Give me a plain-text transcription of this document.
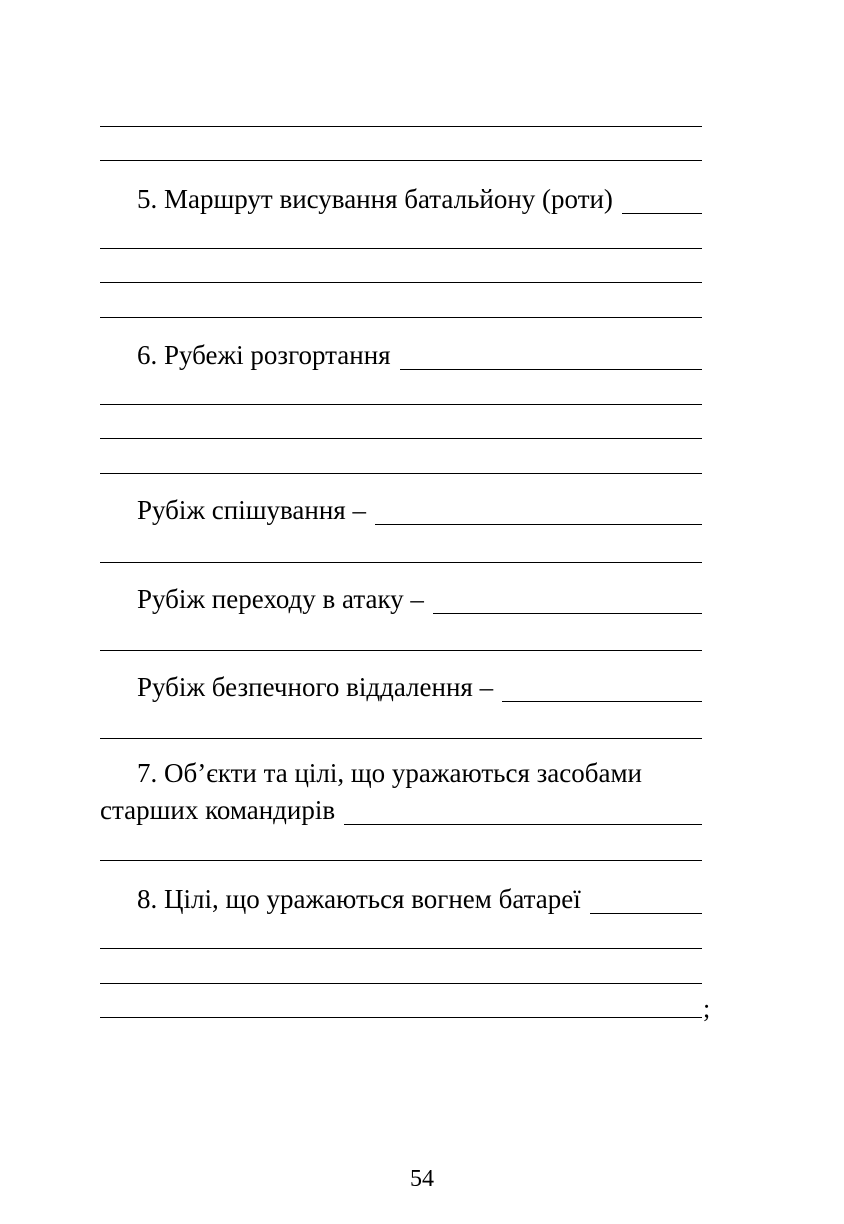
5. Маршрут висування батальйону (роти)
6. Рубежі розгортання
Рубіж спішування –
Рубіж переходу в атаку –
Рубіж безпечного віддалення –
7. Об’єкти та цілі, що уражаються засобами
старших командирів
8. Цілі, що уражаються вогнем батареї
;
54
